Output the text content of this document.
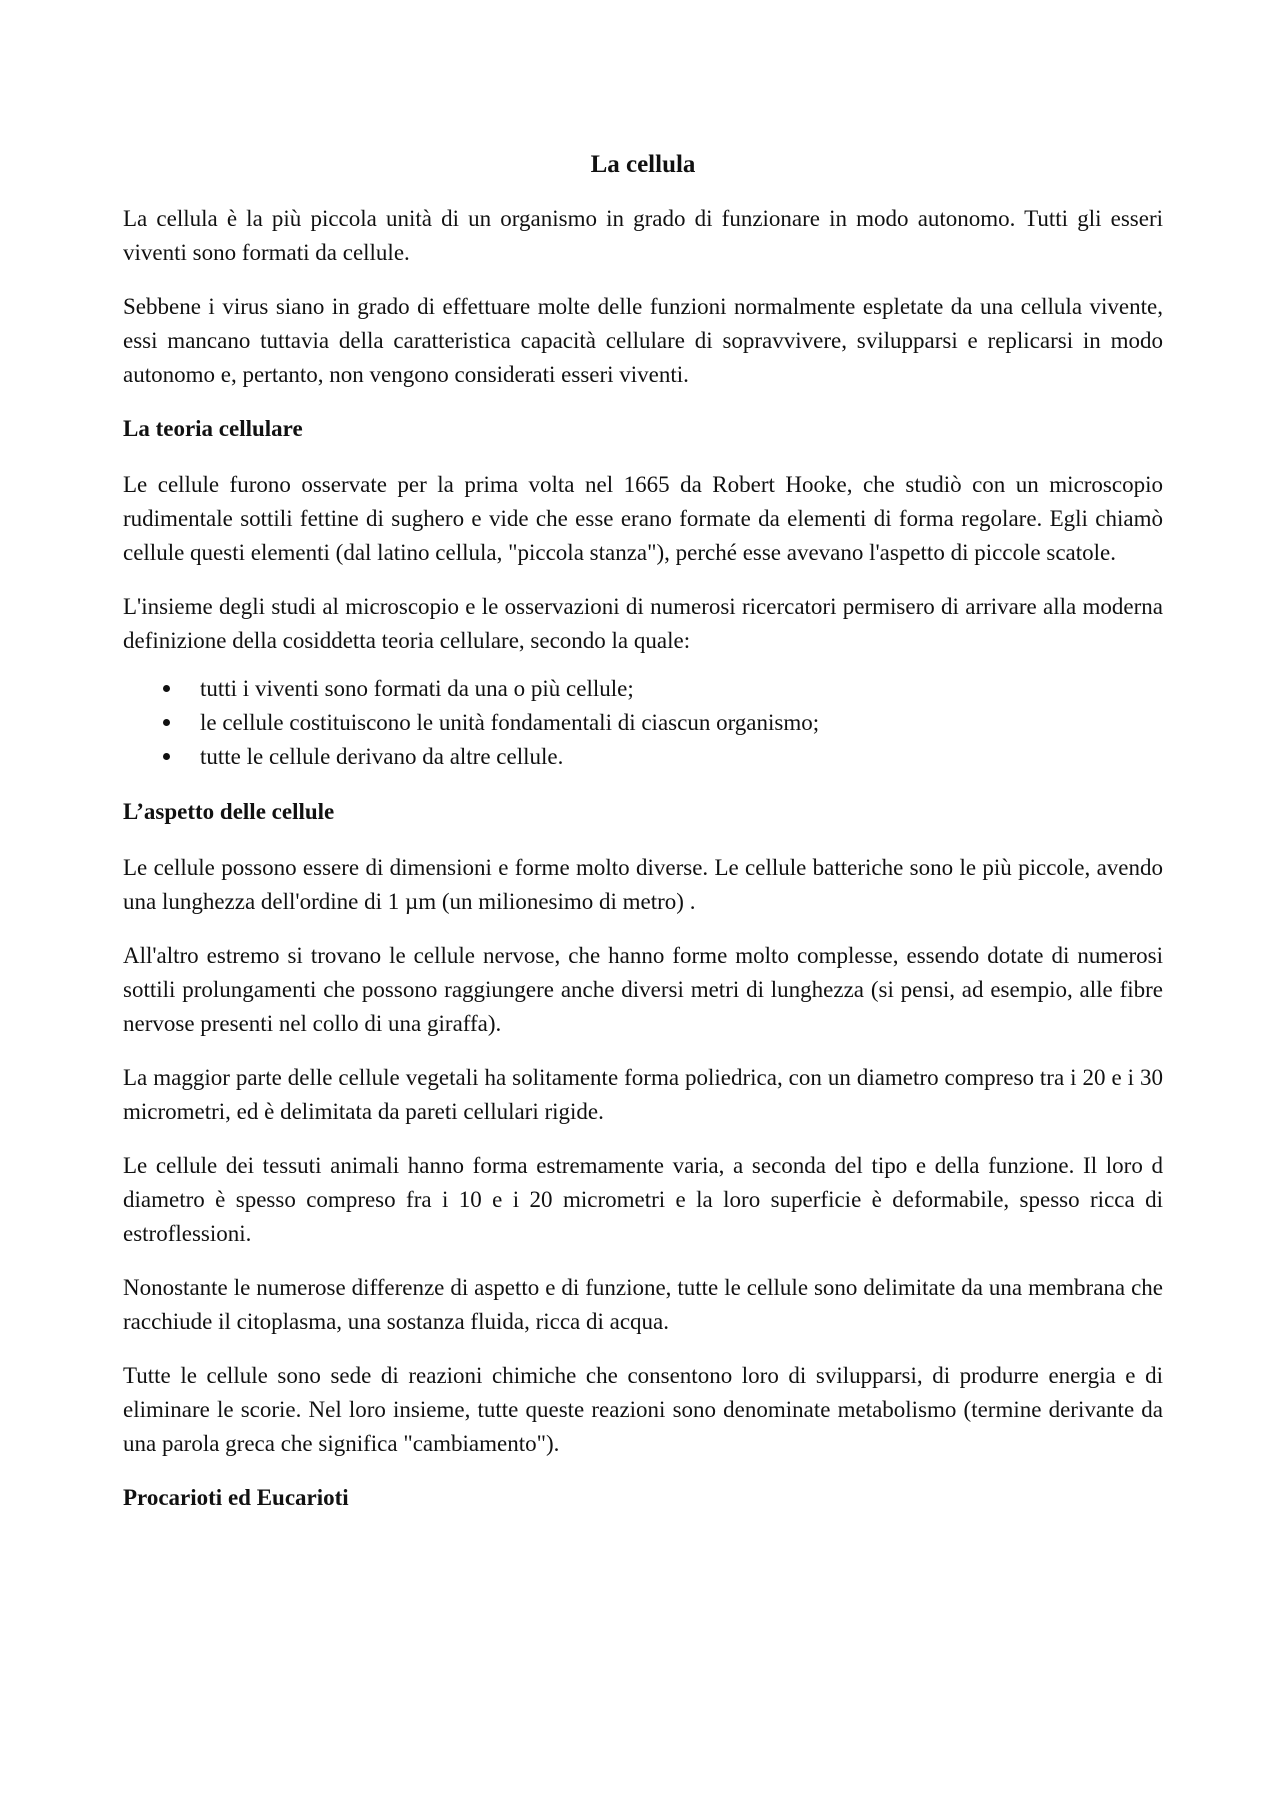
La cellula

La cellula è la più piccola unità di un organismo in grado di funzionare in modo autonomo. Tutti gli esseri viventi sono formati da cellule.

Sebbene i virus siano in grado di effettuare molte delle funzioni normalmente espletate da una cellula vivente, essi mancano tuttavia della caratteristica capacità cellulare di sopravvivere, svilupparsi e replicarsi in modo autonomo e, pertanto, non vengono considerati esseri viventi.

La teoria cellulare

Le cellule furono osservate per la prima volta nel 1665 da Robert Hooke, che studiò con un microscopio rudimentale sottili fettine di sughero e vide che esse erano formate da elementi di forma regolare. Egli chiamò cellule questi elementi (dal latino cellula, "piccola stanza"), perché esse avevano l'aspetto di piccole scatole.

L'insieme degli studi al microscopio e le osservazioni di numerosi ricercatori permisero di arrivare alla moderna definizione della cosiddetta teoria cellulare, secondo la quale:

tutti i viventi sono formati da una o più cellule;
le cellule costituiscono le unità fondamentali di ciascun organismo;
tutte le cellule derivano da altre cellule.

L’aspetto delle cellule

Le cellule possono essere di dimensioni e forme molto diverse. Le cellule batteriche sono le più piccole, avendo una lunghezza dell'ordine di 1 µm (un milionesimo di metro) .

All'altro estremo si trovano le cellule nervose, che hanno forme molto complesse, essendo dotate di numerosi sottili prolungamenti che possono raggiungere anche diversi metri di lunghezza (si pensi, ad esempio, alle fibre nervose presenti nel collo di una giraffa).

La maggior parte delle cellule vegetali ha solitamente forma poliedrica, con un diametro compreso tra i 20 e i 30 micrometri, ed è delimitata da pareti cellulari rigide.

Le cellule dei tessuti animali hanno forma estremamente varia, a seconda del tipo e della funzione. Il loro d diametro è spesso compreso fra i 10 e i 20 micrometri e la loro superficie è deformabile, spesso ricca di estroflessioni.

Nonostante le numerose differenze di aspetto e di funzione, tutte le cellule sono delimitate da una membrana che racchiude il citoplasma, una sostanza fluida, ricca di acqua.

Tutte le cellule sono sede di reazioni chimiche che consentono loro di svilupparsi, di produrre energia e di eliminare le scorie. Nel loro insieme, tutte queste reazioni sono denominate metabolismo (termine derivante da una parola greca che significa "cambiamento").

Procarioti ed Eucarioti
